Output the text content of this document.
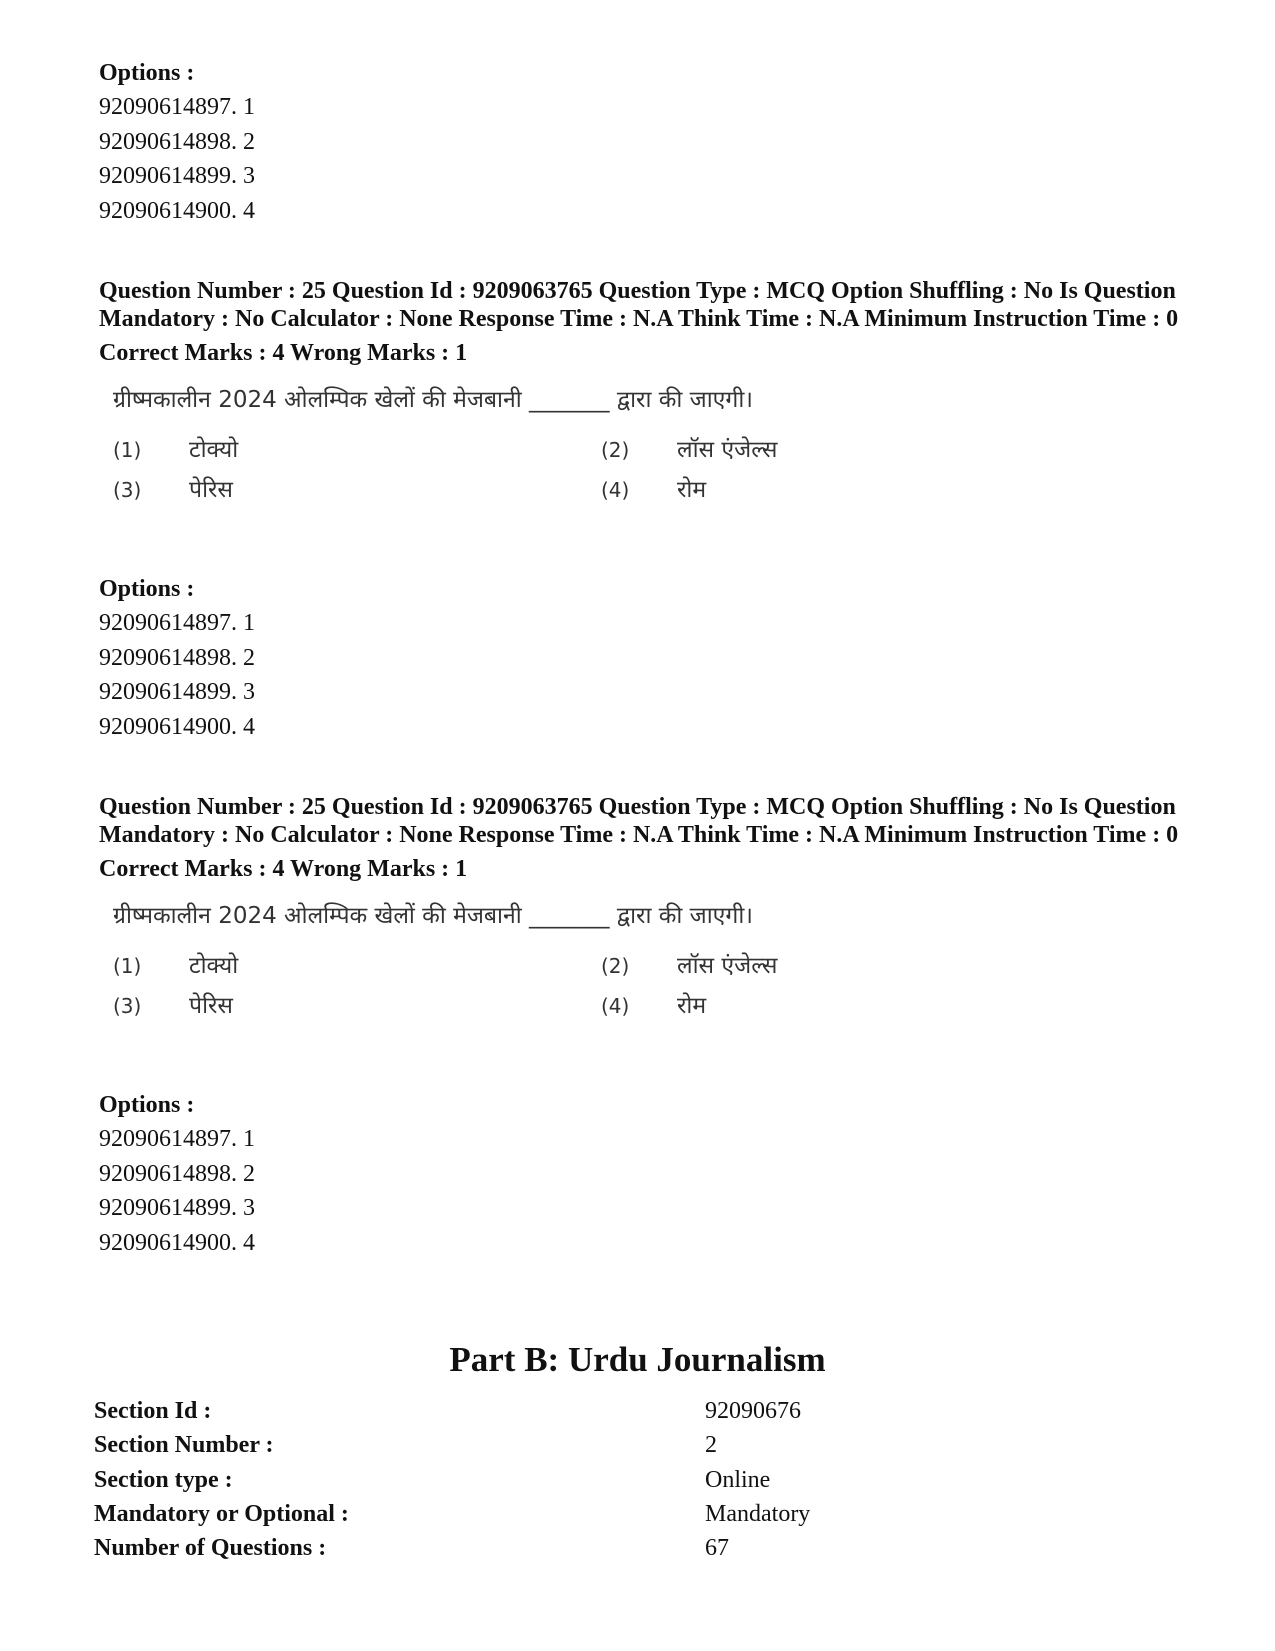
Options :
92090614897. 1
92090614898. 2
92090614899. 3
92090614900. 4
Question Number : 25 Question Id : 9209063765 Question Type : MCQ Option Shuffling : No Is Question Mandatory : No Calculator : None Response Time : N.A Think Time : N.A Minimum Instruction Time : 0
Correct Marks : 4 Wrong Marks : 1
ग्रीष्मकालीन 2024 ओलम्पिक खेलों की मेजबानी _______ द्वारा की जाएगी।
(1) टोक्यो	(2) लॉस एंजेल्स
(3) पेरिस	(4) रोम
Options :
92090614897. 1
92090614898. 2
92090614899. 3
92090614900. 4
Question Number : 25 Question Id : 9209063765 Question Type : MCQ Option Shuffling : No Is Question Mandatory : No Calculator : None Response Time : N.A Think Time : N.A Minimum Instruction Time : 0
Correct Marks : 4 Wrong Marks : 1
ग्रीष्मकालीन 2024 ओलम्पिक खेलों की मेजबानी _______ द्वारा की जाएगी।
(1) टोक्यो	(2) लॉस एंजेल्स
(3) पेरिस	(4) रोम
Options :
92090614897. 1
92090614898. 2
92090614899. 3
92090614900. 4
Part B: Urdu Journalism
Section Id :	92090676
Section Number :	2
Section type :	Online
Mandatory or Optional :	Mandatory
Number of Questions :	67
